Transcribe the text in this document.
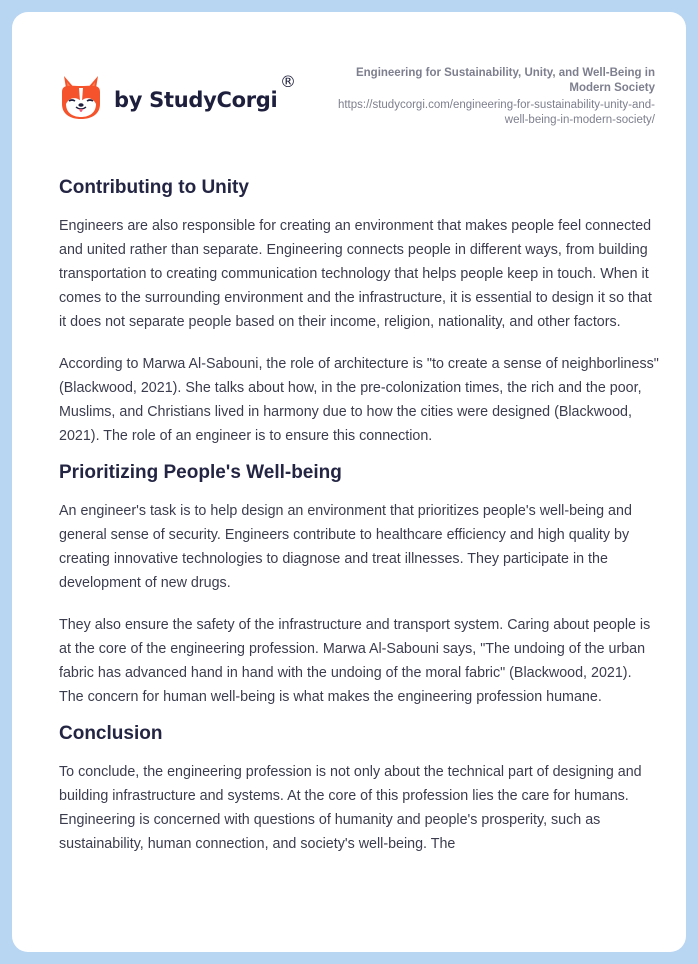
by StudyCorgi
®	Engineering for Sustainability, Unity, and Well-Being in Modern Society
https://studycorgi.com/engineering-for-sustainability-unity-and-well-being-in-modern-society/
Contributing to Unity

Engineers are also responsible for creating an environment that makes people feel connected and united rather than separate. Engineering connects people in different ways, from building transportation to creating communication technology that helps people keep in touch. When it comes to the surrounding environment and the infrastructure, it is essential to design it so that it does not separate people based on their income, religion, nationality, and other factors.

According to Marwa Al-Sabouni, the role of architecture is "to create a sense of neighborliness" (Blackwood, 2021). She talks about how, in the pre-colonization times, the rich and the poor, Muslims, and Christians lived in harmony due to how the cities were designed (Blackwood, 2021). The role of an engineer is to ensure this connection.

Prioritizing People's Well-being

An engineer's task is to help design an environment that prioritizes people's well-being and general sense of security. Engineers contribute to healthcare efficiency and high quality by creating innovative technologies to diagnose and treat illnesses. They participate in the development of new drugs.

They also ensure the safety of the infrastructure and transport system. Caring about people is at the core of the engineering profession. Marwa Al-Sabouni says, "The undoing of the urban fabric has advanced hand in hand with the undoing of the moral fabric" (Blackwood, 2021). The concern for human well-being is what makes the engineering profession humane.

Conclusion

To conclude, the engineering profession is not only about the technical part of designing and building infrastructure and systems. At the core of this profession lies the care for humans. Engineering is concerned with questions of humanity and people's prosperity, such as sustainability, human connection, and society's well-being. The
